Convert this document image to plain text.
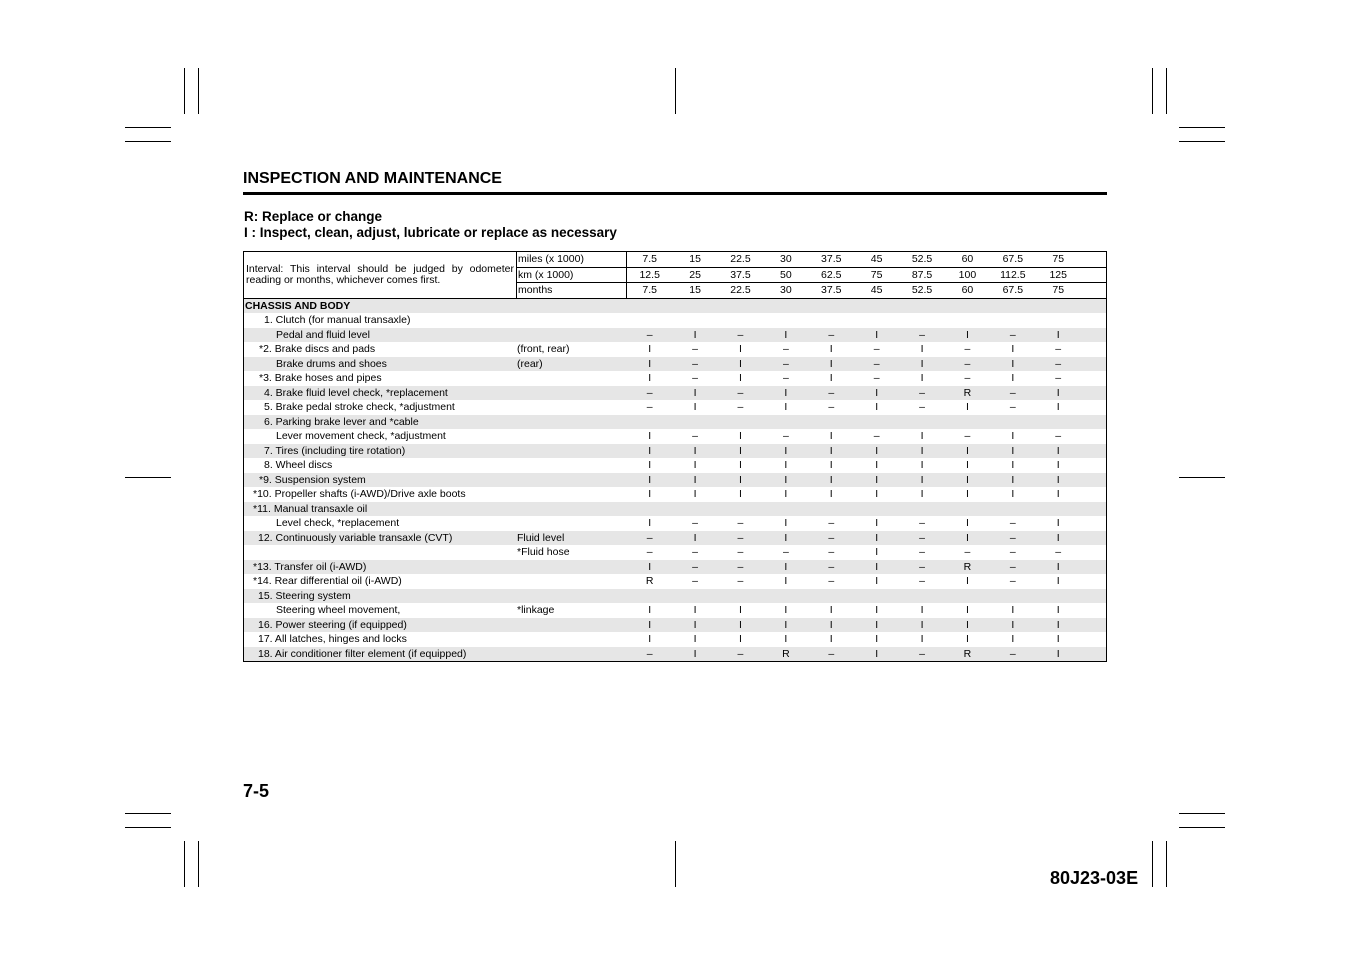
INSPECTION AND MAINTENANCE
R: Replace or change
I : Inspect, clean, adjust, lubricate or replace as necessary
Interval: This interval should be judged by odometer reading or months, whichever comes first.
miles (x 1000)	7.5	15	22.5	30	37.5	45	52.5	60	67.5	75
km (x 1000)	12.5	25	37.5	50	62.5	75	87.5	100	112.5	125
months	7.5	15	22.5	30	37.5	45	52.5	60	67.5	75
CHASSIS AND BODY
1. Clutch (for manual transaxle)
Pedal and fluid level	–	I	–	I	–	I	–	I	–	I
*2. Brake discs and pads	(front, rear)	I	–	I	–	I	–	I	–	I	–
Brake drums and shoes	(rear)	I	–	I	–	I	–	I	–	I	–
*3. Brake hoses and pipes	I	–	I	–	I	–	I	–	I	–
4. Brake fluid level check, *replacement	–	I	–	I	–	I	–	R	–	I
5. Brake pedal stroke check, *adjustment	–	I	–	I	–	I	–	I	–	I
6. Parking brake lever and *cable
Lever movement check, *adjustment	I	–	I	–	I	–	I	–	I	–
7. Tires (including tire rotation)	I	I	I	I	I	I	I	I	I	I
8. Wheel discs	I	I	I	I	I	I	I	I	I	I
*9. Suspension system	I	I	I	I	I	I	I	I	I	I
*10. Propeller shafts (i-AWD)/Drive axle boots	I	I	I	I	I	I	I	I	I	I
*11. Manual transaxle oil
Level check, *replacement	I	–	–	I	–	I	–	I	–	I
12. Continuously variable transaxle (CVT)	Fluid level	–	I	–	I	–	I	–	I	–	I
*Fluid hose	–	–	–	–	–	I	–	–	–	–
*13. Transfer oil (i-AWD)	I	–	–	I	–	I	–	R	–	I
*14. Rear differential oil (i-AWD)	R	–	–	I	–	I	–	I	–	I
15. Steering system
Steering wheel movement,	*linkage	I	I	I	I	I	I	I	I	I	I
16. Power steering (if equipped)	I	I	I	I	I	I	I	I	I	I
17. All latches, hinges and locks	I	I	I	I	I	I	I	I	I	I
18. Air conditioner filter element (if equipped)	–	I	–	R	–	I	–	R	–	I
7-5
80J23-03E
